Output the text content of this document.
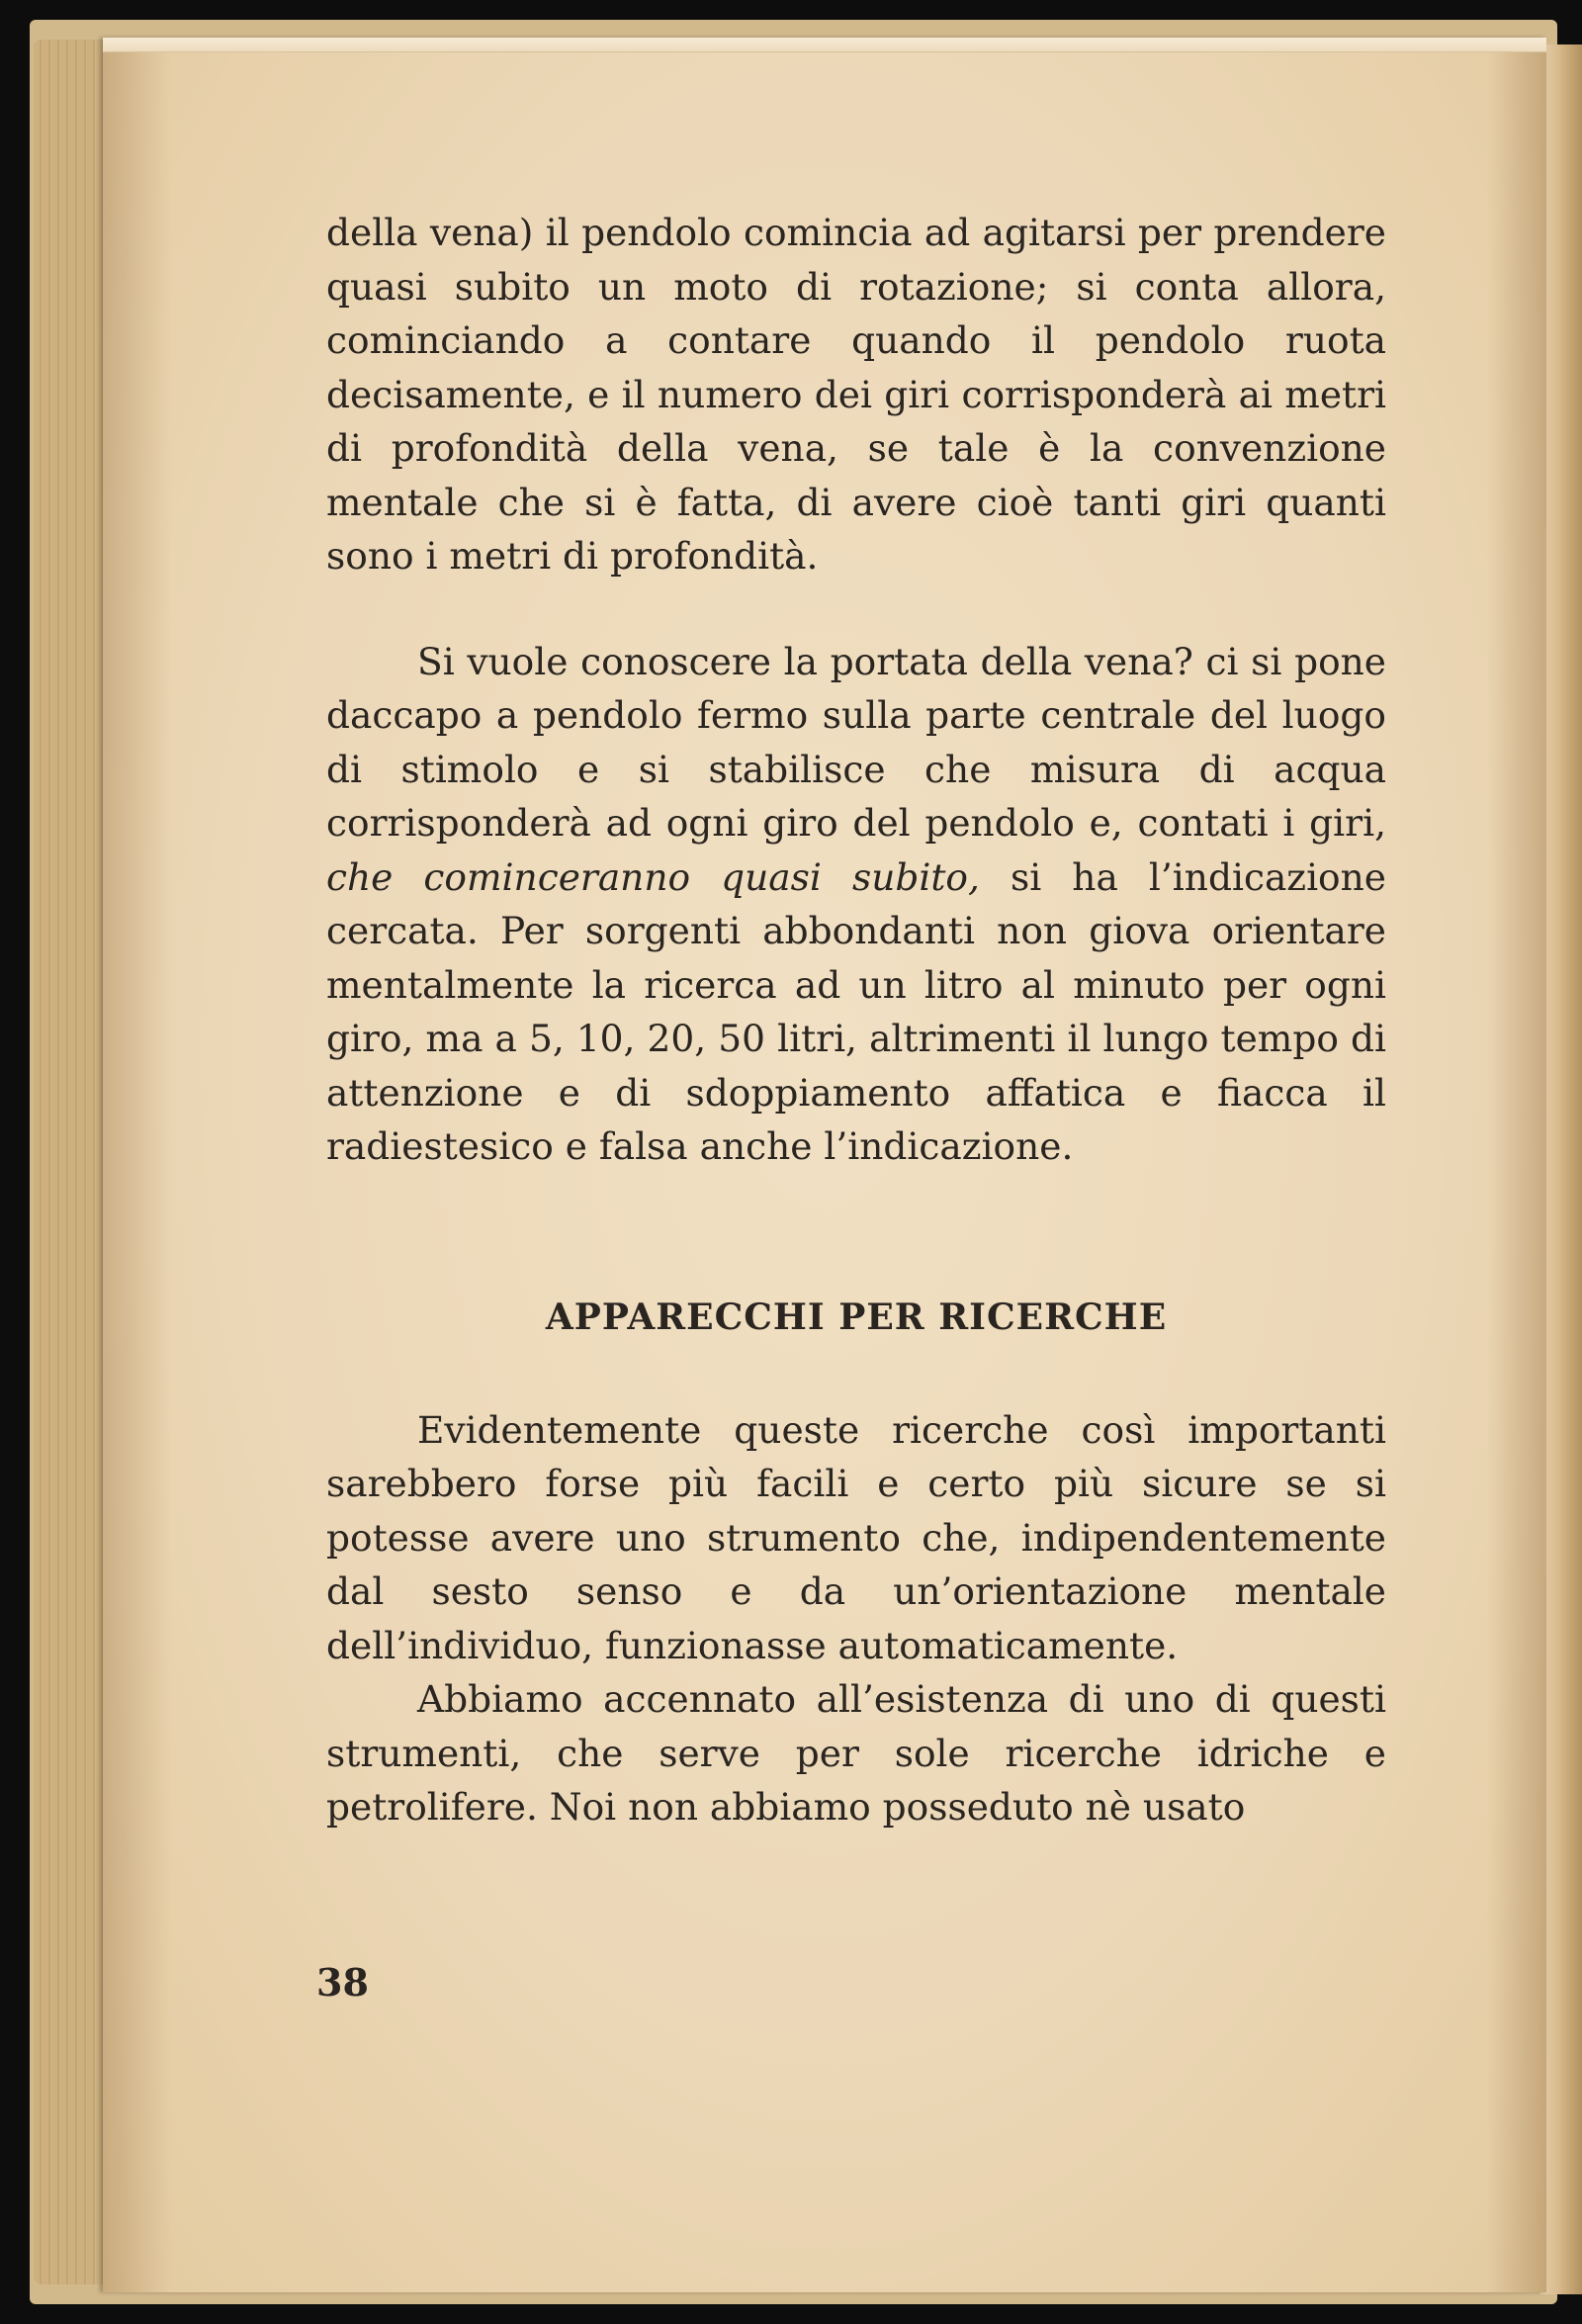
della vena) il pendolo comincia ad agitarsi per prendere quasi subito un moto di rotazione; si conta allora, cominciando a contare quando il pendolo ruota decisamente, e il numero dei giri corrisponderà ai metri di profondità della vena, se tale è la convenzione mentale che si è fatta, di avere cioè tanti giri quanti sono i metri di profondità.

Si vuole conoscere la portata della vena? ci si pone daccapo a pendolo fermo sulla parte centrale del luogo di stimolo e si stabilisce che misura di acqua corrisponderà ad ogni giro del pendolo e, contati i giri, che cominceranno quasi subito, si ha l’indicazione cercata. Per sorgenti abbondanti non giova orientare mentalmente la ricerca ad un litro al minuto per ogni giro, ma a 5, 10, 20, 50 litri, altrimenti il lungo tempo di attenzione e di sdoppiamento affatica e fiacca il radiestesico e falsa anche l’indicazione.

APPARECCHI PER RICERCHE

Evidentemente queste ricerche così importanti sarebbero forse più facili e certo più sicure se si potesse avere uno strumento che, indipendentemente dal sesto senso e da un’orientazione mentale dell’individuo, funzionasse automaticamente.

Abbiamo accennato all’esistenza di uno di questi strumenti, che serve per sole ricerche idriche e petrolifere. Noi non abbiamo posseduto nè usato

38
